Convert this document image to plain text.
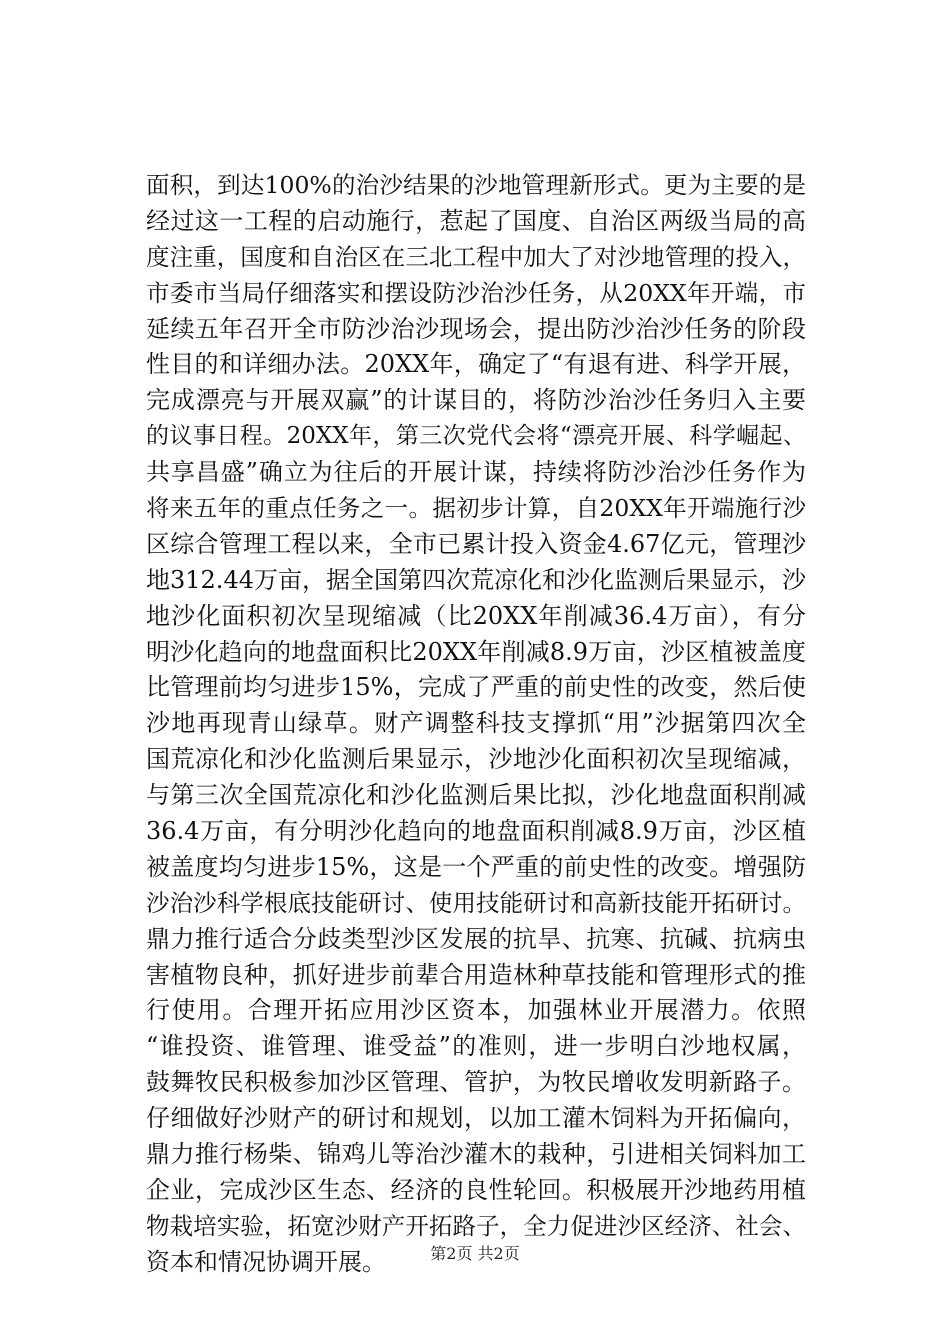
面积，到达100%的治沙结果的沙地管理新形式。更为主要的是
经过这一工程的启动施行，惹起了国度、自治区两级当局的高
度注重，国度和自治区在三北工程中加大了对沙地管理的投入，
市委市当局仔细落实和摆设防沙治沙任务，从20XX年开端，市
延续五年召开全市防沙治沙现场会，提出防沙治沙任务的阶段
性目的和详细办法。20XX年，确定了“有退有进、科学开展，
完成漂亮与开展双赢”的计谋目的，将防沙治沙任务归入主要
的议事日程。20XX年，第三次党代会将“漂亮开展、科学崛起、
共享昌盛”确立为往后的开展计谋，持续将防沙治沙任务作为
将来五年的重点任务之一。据初步计算，自20XX年开端施行沙
区综合管理工程以来，全市已累计投入资金4.67亿元，管理沙
地312.44万亩，据全国第四次荒凉化和沙化监测后果显示，沙
地沙化面积初次呈现缩减（比20XX年削减36.4万亩），有分
明沙化趋向的地盘面积比20XX年削减8.9万亩，沙区植被盖度
比管理前均匀进步15%，完成了严重的前史性的改变，然后使
沙地再现青山绿草。财产调整科技支撑抓“用”沙据第四次全
国荒凉化和沙化监测后果显示，沙地沙化面积初次呈现缩减，
与第三次全国荒凉化和沙化监测后果比拟，沙化地盘面积削减
36.4万亩，有分明沙化趋向的地盘面积削减8.9万亩，沙区植
被盖度均匀进步15%，这是一个严重的前史性的改变。增强防
沙治沙科学根底技能研讨、使用技能研讨和高新技能开拓研讨。
鼎力推行适合分歧类型沙区发展的抗旱、抗寒、抗碱、抗病虫
害植物良种，抓好进步前辈合用造林种草技能和管理形式的推
行使用。合理开拓应用沙区资本，加强林业开展潜力。依照
“谁投资、谁管理、谁受益”的准则，进一步明白沙地权属，
鼓舞牧民积极参加沙区管理、管护，为牧民增收发明新路子。
仔细做好沙财产的研讨和规划，以加工灌木饲料为开拓偏向，
鼎力推行杨柴、锦鸡儿等治沙灌木的栽种，引进相关饲料加工
企业，完成沙区生态、经济的良性轮回。积极展开沙地药用植
物栽培实验，拓宽沙财产开拓路子，全力促进沙区经济、社会、
资本和情况协调开展。	第2页 共2页
